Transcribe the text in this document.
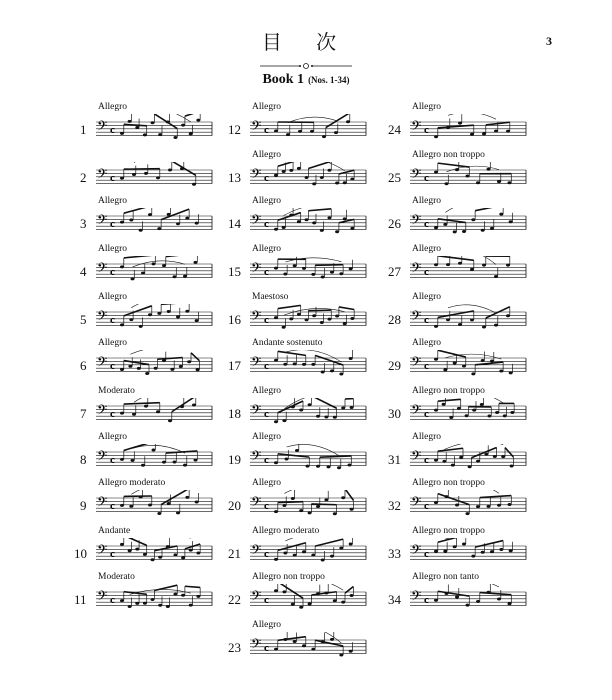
目 次	3
Book 1 (Nos. 1-34)
1
Allegro
𝄢 c
2 𝄢 c
3
Allegro
𝄢 c
4
Allegro
𝄢 c
5
Allegro
𝄢 c
6
Allegro
𝄢 c
7
Moderato
𝄢 c
8
Allegro
𝄢 c
9
Allegro moderato
𝄢 c
10
Andante
𝄢 c
11
Moderato
𝄢 c
12
Allegro
𝄢 c
13
Allegro
𝄢 c
14
Allegro
𝄢 c
15
Allegro
𝄢 c
16
Maestoso
𝄢 c
17
Andante sostenuto
𝄢 c
18
Allegro
𝄢 c
19
Allegro
𝄢 c
20
Allegro
𝄢 c
21
Allegro moderato
𝄢 c
22
Allegro non troppo
𝄢 c
23
Allegro
𝄢 c
24
Allegro
𝄢 c
25
Allegro non troppo
𝄢 c
26
Allegro
𝄢 c
27
Allegro
𝄢 c
28
Allegro
𝄢 c
29
Allegro
𝄢 c
30
Allegro non troppo
𝄢 c
31
Allegro
𝄢 c
32
Allegro non troppo
𝄢 c
33
Allegro non troppo
𝄢 c
34
Allegro non tanto
𝄢 c
